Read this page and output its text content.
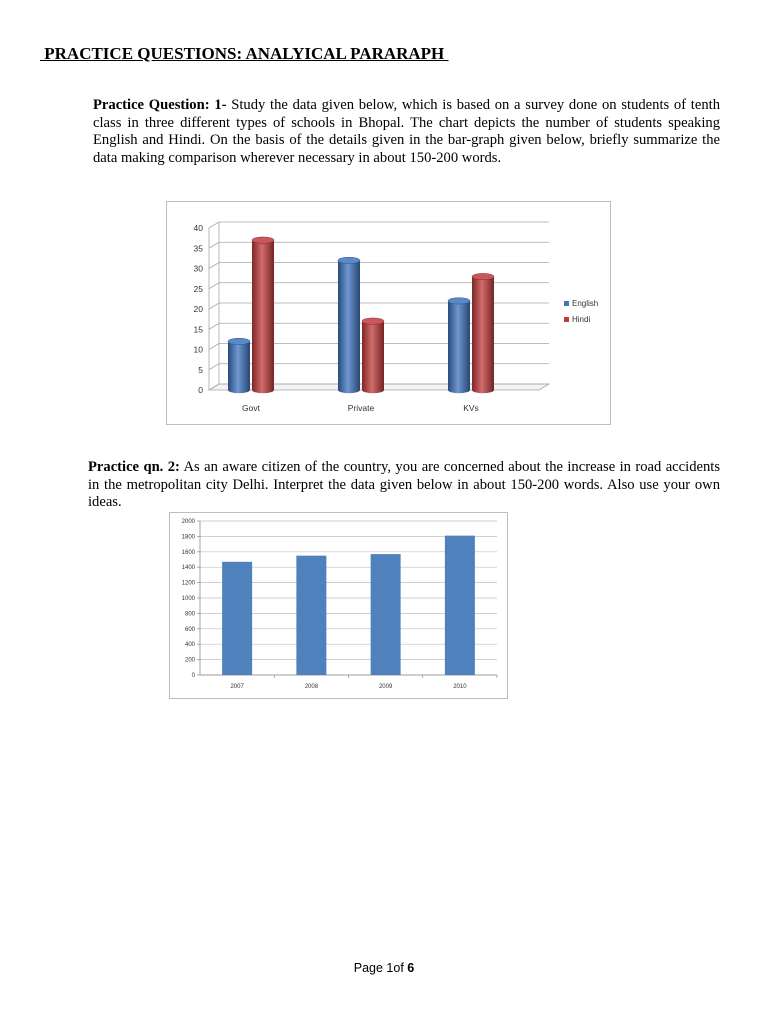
PRACTICE QUESTIONS: ANALYICAL PARARAPH

Practice Question: 1- Study the data given below, which is based on a survey done on students of tenth class in three different types of schools in Bhopal. The chart depicts the number of students speaking English and Hindi. On the basis of the details given in the bar-graph given below, briefly summarize the data making comparison wherever necessary in about 150-200 words.

0
5
10
15
20
25
30
35
40
Govt	Private	KVs
English
Hindi

Practice qn. 2: As an aware citizen of the country, you are concerned about the increase in road accidents in the metropolitan city Delhi. Interpret the data given below in about 150-200 words. Also use your own ideas.

0
200
400
600
800
1000
1200
1400
1600
1800
2000
2007	2008	2009	2010
Page 1of 6
